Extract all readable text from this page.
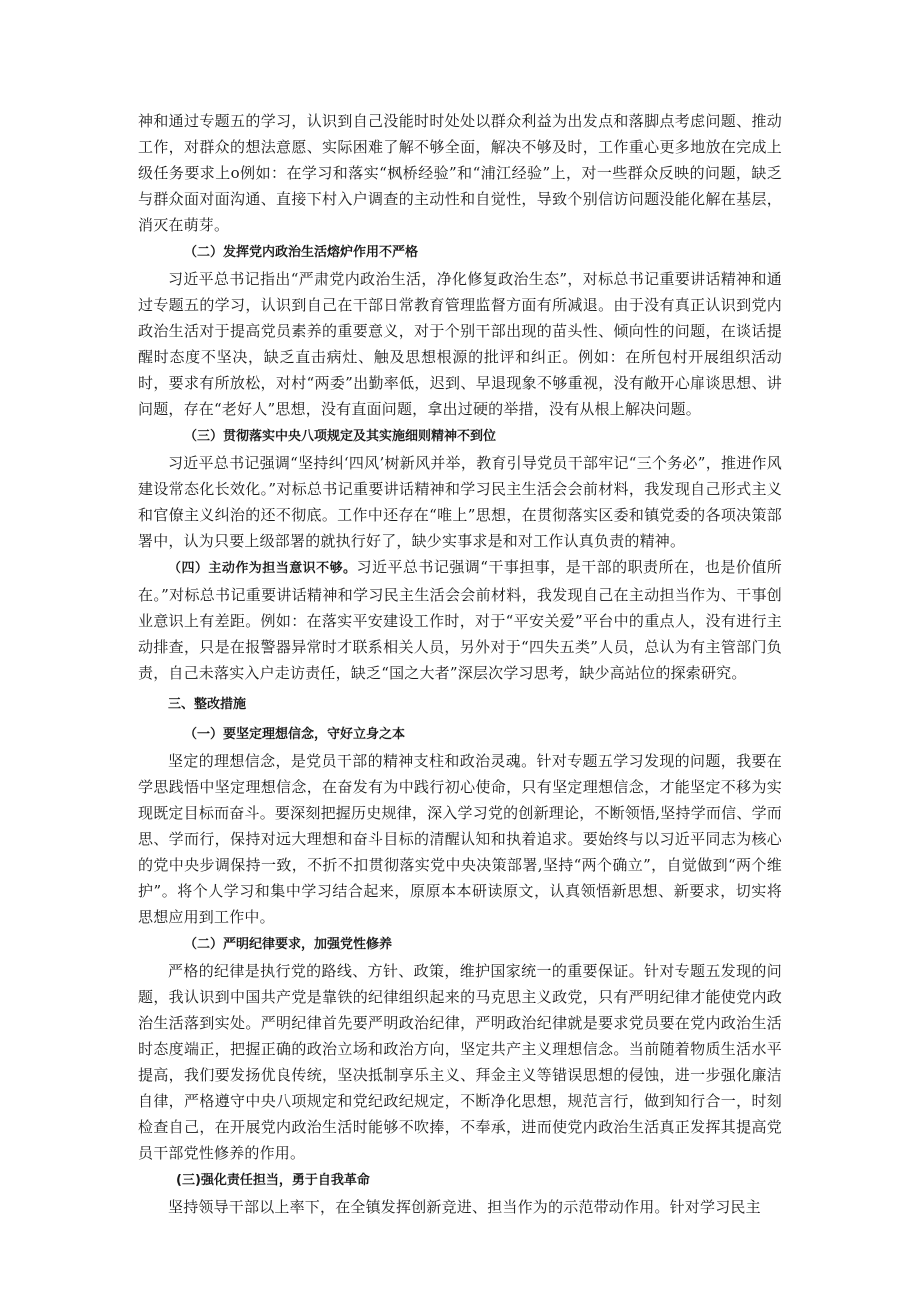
神和通过专题五的学习，认识到自己没能时时处处以群众利益为出发点和落脚点考虑问题、推动工作，对群众的想法意愿、实际困难了解不够全面，解决不够及时，工作重心更多地放在完成上级任务要求上o例如：在学习和落实“枫桥经验”和“浦江经验”上，对一些群众反映的问题，缺乏与群众面对面沟通、直接下村入户调查的主动性和自觉性，导致个别信访问题没能化解在基层，消灭在萌芽。

（二）发挥党内政治生活熔炉作用不严格

习近平总书记指出“严肃党内政治生活，净化修复政治生态”，对标总书记重要讲话精神和通过专题五的学习，认识到自己在干部日常教育管理监督方面有所减退。由于没有真正认识到党内政治生活对于提高党员素养的重要意义，对于个别干部出现的苗头性、倾向性的问题，在谈话提醒时态度不坚决，缺乏直击病灶、触及思想根源的批评和纠正。例如：在所包村开展组织活动时，要求有所放松，对村“两委”出勤率低，迟到、早退现象不够重视，没有敞开心扉谈思想、讲问题，存在“老好人”思想，没有直面问题，拿出过硬的举措，没有从根上解决问题。

（三）贯彻落实中央八项规定及其实施细则精神不到位

习近平总书记强调“坚持纠‘四风’树新风并举，教育引导党员干部牢记“三个务必”，推进作风建设常态化长效化。”对标总书记重要讲话精神和学习民主生活会会前材料，我发现自己形式主义和官僚主义纠治的还不彻底。工作中还存在“唯上”思想，在贯彻落实区委和镇党委的各项决策部署中，认为只要上级部署的就执行好了，缺少实事求是和对工作认真负责的精神。

（四）主动作为担当意识不够。习近平总书记强调“干事担事，是干部的职责所在，也是价值所在。”对标总书记重要讲话精神和学习民主生活会会前材料，我发现自己在主动担当作为、干事创业意识上有差距。例如：在落实平安建设工作时，对于“平安关爱”平台中的重点人，没有进行主动排查，只是在报警器异常时才联系相关人员，另外对于“四失五类”人员，总认为有主管部门负责，自己未落实入户走访责任，缺乏“国之大者”深层次学习思考，缺少高站位的探索研究。

三、整改措施
（一）要坚定理想信念，守好立身之本

坚定的理想信念，是党员干部的精神支柱和政治灵魂。针对专题五学习发现的问题，我要在学思践悟中坚定理想信念，在奋发有为中践行初心使命，只有坚定理想信念，才能坚定不移为实现既定目标而奋斗。要深刻把握历史规律，深入学习党的创新理论，不断领悟,坚持学而信、学而思、学而行，保持对远大理想和奋斗目标的清醒认知和执着追求。要始终与以习近平同志为核心的党中央步调保持一致，不折不扣贯彻落实党中央决策部署,坚持“两个确立”，自觉做到“两个维护”。将个人学习和集中学习结合起来，原原本本研读原文，认真领悟新思想、新要求，切实将思想应用到工作中。

（二）严明纪律要求，加强党性修养

严格的纪律是执行党的路线、方针、政策，维护国家统一的重要保证。针对专题五发现的问题，我认识到中国共产党是靠铁的纪律组织起来的马克思主义政党，只有严明纪律才能使党内政治生活落到实处。严明纪律首先要严明政治纪律，严明政治纪律就是要求党员要在党内政治生活时态度端正，把握正确的政治立场和政治方向，坚定共产主义理想信念。当前随着物质生活水平提高，我们要发扬优良传统，坚决抵制享乐主义、拜金主义等错误思想的侵蚀，进一步强化廉洁自律，严格遵守中央八项规定和党纪政纪规定，不断净化思想，规范言行，做到知行合一，时刻检查自己，在开展党内政治生活时能够不吹捧，不奉承，进而使党内政治生活真正发挥其提高党员干部党性修养的作用。

(三)强化责任担当，勇于自我革命

坚持领导干部以上率下，在全镇发挥创新竞进、担当作为的示范带动作用。针对学习民主
